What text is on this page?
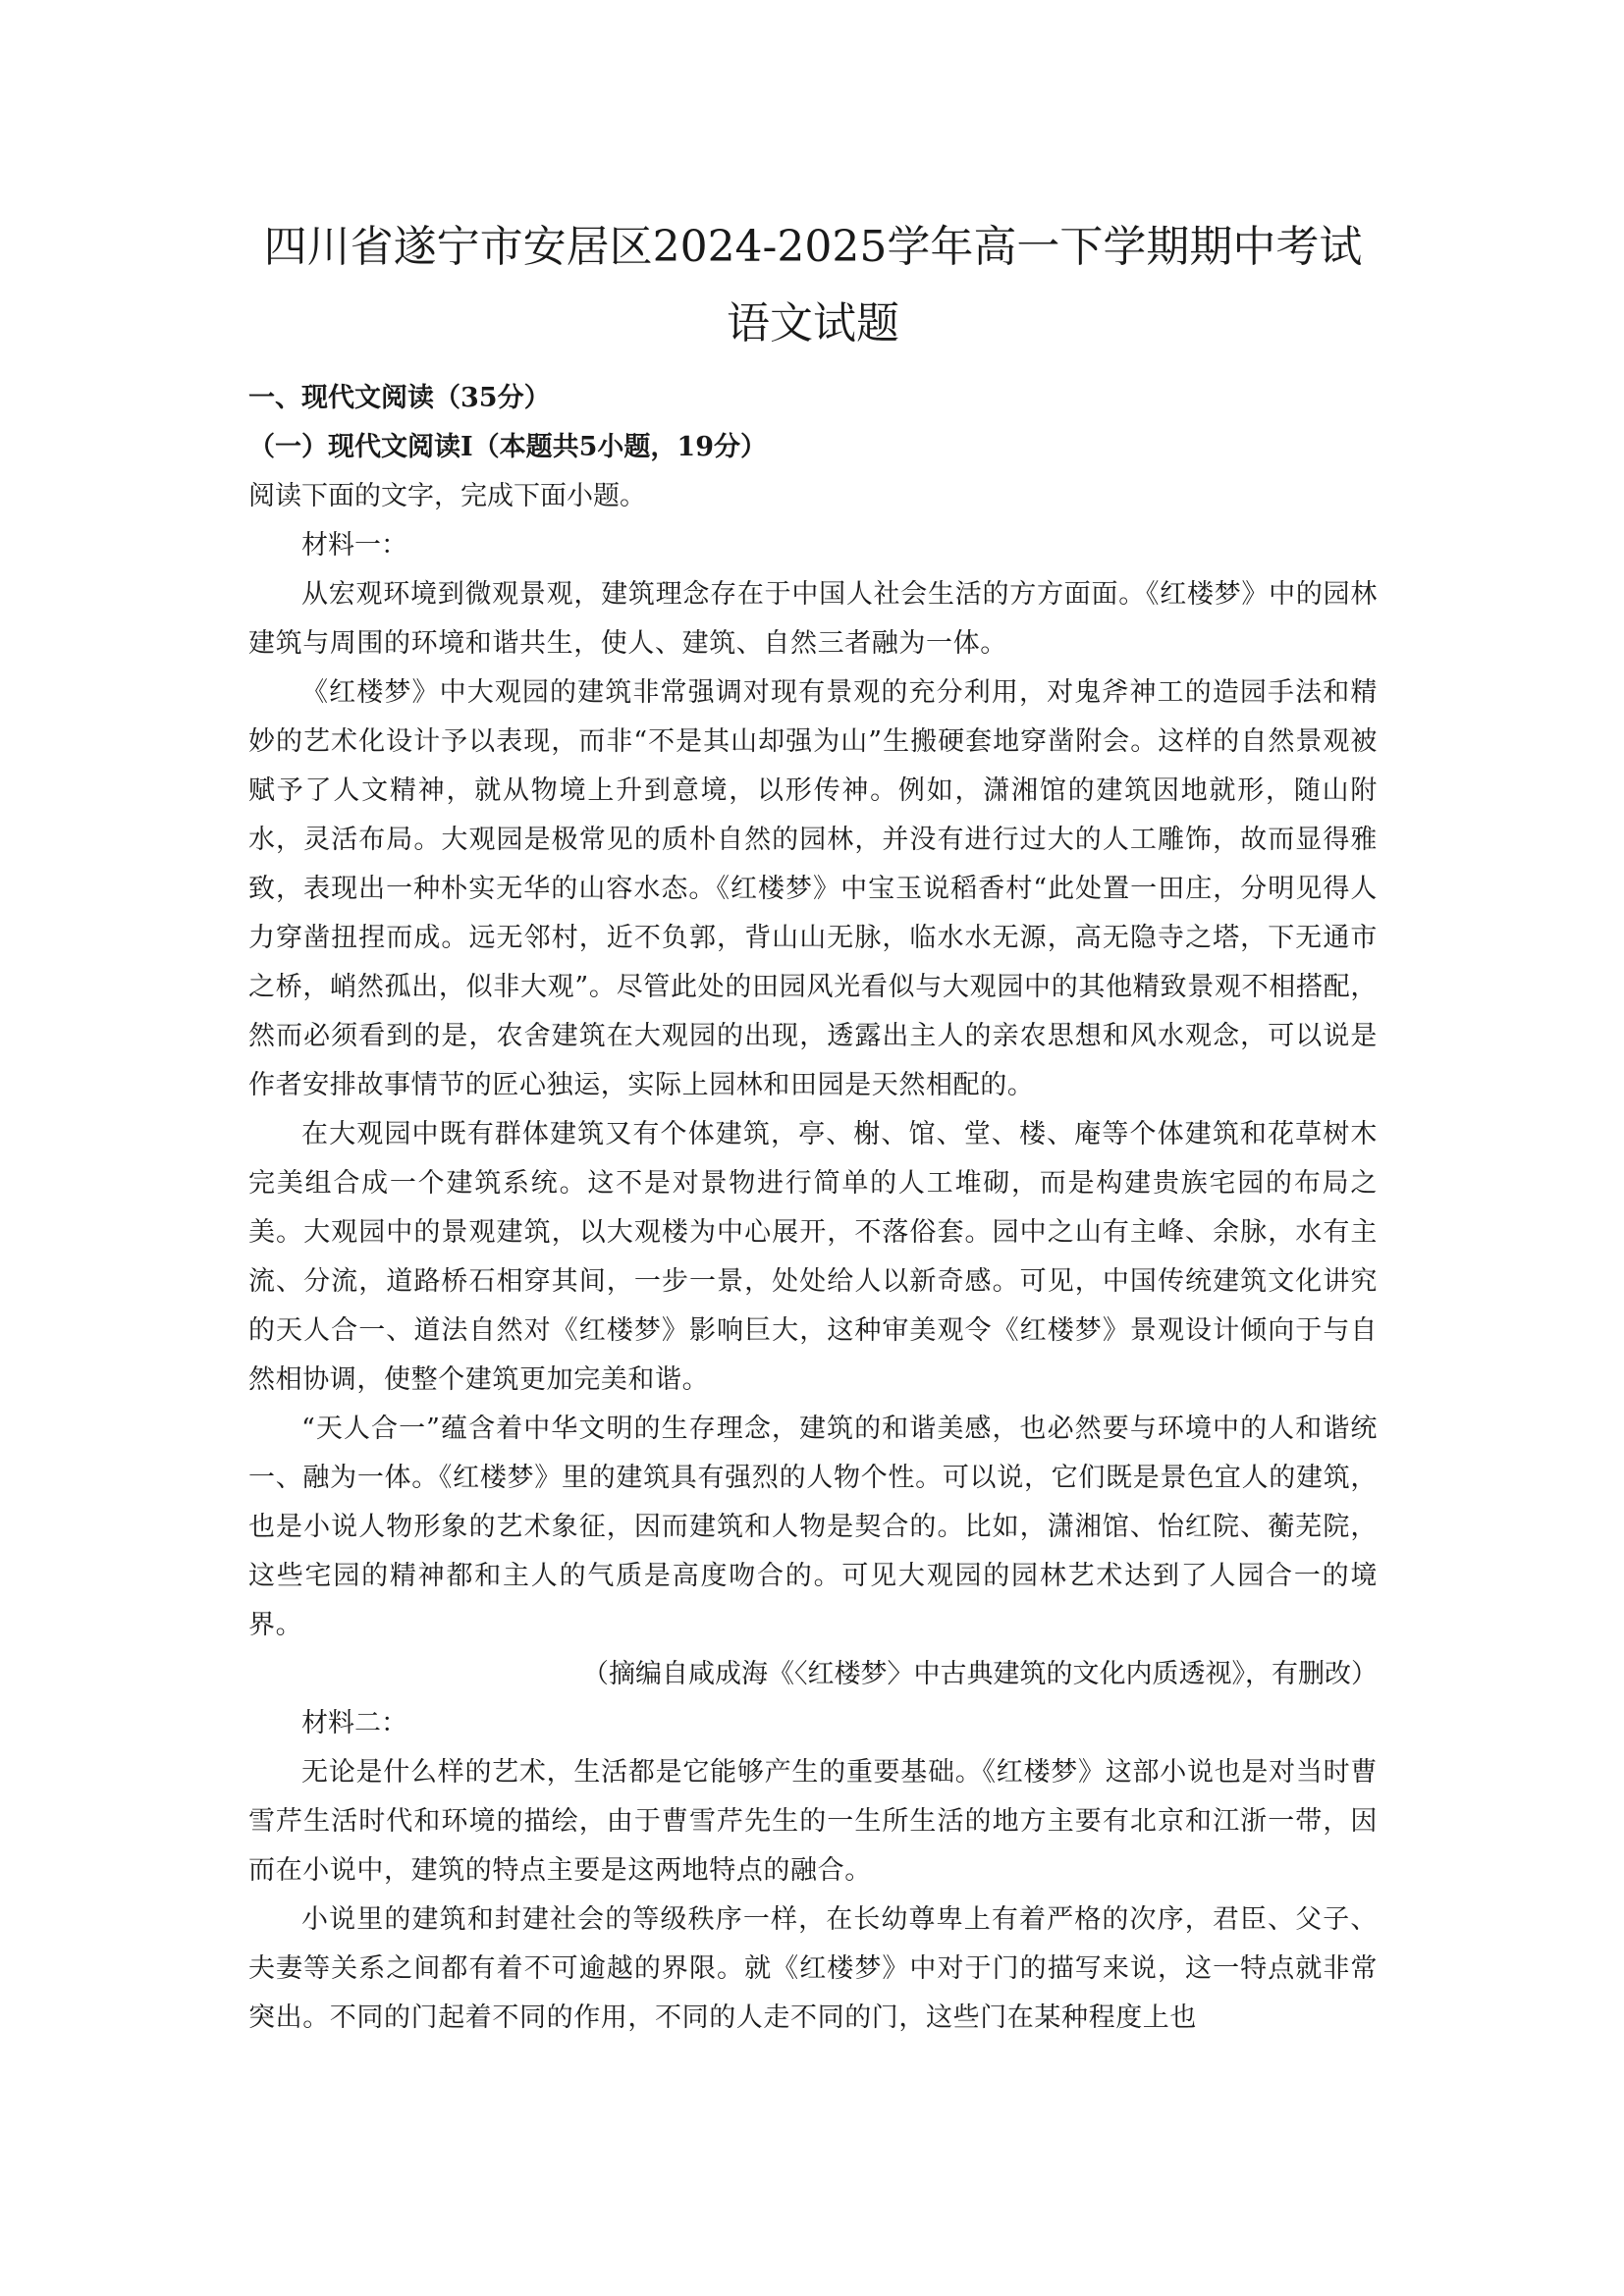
四川省遂宁市安居区2024-2025学年高一下学期期中考试语文试题

一、现代文阅读（35分）

（一）现代文阅读I（本题共5小题，19分）

阅读下面的文字，完成下面小题。

材料一：

从宏观环境到微观景观，建筑理念存在于中国人社会生活的方方面面。《红楼梦》中的园林建筑与周围的环境和谐共生，使人、建筑、自然三者融为一体。

《红楼梦》中大观园的建筑非常强调对现有景观的充分利用，对鬼斧神工的造园手法和精妙的艺术化设计予以表现，而非“不是其山却强为山”生搬硬套地穿凿附会。这样的自然景观被赋予了人文精神，就从物境上升到意境，以形传神。例如，潇湘馆的建筑因地就形，随山附水，灵活布局。大观园是极常见的质朴自然的园林，并没有进行过大的人工雕饰，故而显得雅致，表现出一种朴实无华的山容水态。《红楼梦》中宝玉说稻香村“此处置一田庄，分明见得人力穿凿扭捏而成。远无邻村，近不负郭，背山山无脉，临水水无源，高无隐寺之塔，下无通市之桥，峭然孤出，似非大观”。尽管此处的田园风光看似与大观园中的其他精致景观不相搭配，然而必须看到的是，农舍建筑在大观园的出现，透露出主人的亲农思想和风水观念，可以说是作者安排故事情节的匠心独运，实际上园林和田园是天然相配的。

在大观园中既有群体建筑又有个体建筑，亭、榭、馆、堂、楼、庵等个体建筑和花草树木完美组合成一个建筑系统。这不是对景物进行简单的人工堆砌，而是构建贵族宅园的布局之美。大观园中的景观建筑，以大观楼为中心展开，不落俗套。园中之山有主峰、余脉，水有主流、分流，道路桥石相穿其间，一步一景，处处给人以新奇感。可见，中国传统建筑文化讲究的天人合一、道法自然对《红楼梦》影响巨大，这种审美观令《红楼梦》景观设计倾向于与自然相协调，使整个建筑更加完美和谐。

“天人合一”蕴含着中华文明的生存理念，建筑的和谐美感，也必然要与环境中的人和谐统一、融为一体。《红楼梦》里的建筑具有强烈的人物个性。可以说，它们既是景色宜人的建筑，也是小说人物形象的艺术象征，因而建筑和人物是契合的。比如，潇湘馆、怡红院、蘅芜院，这些宅园的精神都和主人的气质是高度吻合的。可见大观园的园林艺术达到了人园合一的境界。

（摘编自咸成海《〈红楼梦〉中古典建筑的文化内质透视》，有删改）

材料二：

无论是什么样的艺术，生活都是它能够产生的重要基础。《红楼梦》这部小说也是对当时曹雪芹生活时代和环境的描绘，由于曹雪芹先生的一生所生活的地方主要有北京和江浙一带，因而在小说中，建筑的特点主要是这两地特点的融合。

小说里的建筑和封建社会的等级秩序一样，在长幼尊卑上有着严格的次序，君臣、父子、夫妻等关系之间都有着不可逾越的界限。就《红楼梦》中对于门的描写来说，这一特点就非常突出。不同的门起着不同的作用，不同的人走不同的门，这些门在某种程度上也
